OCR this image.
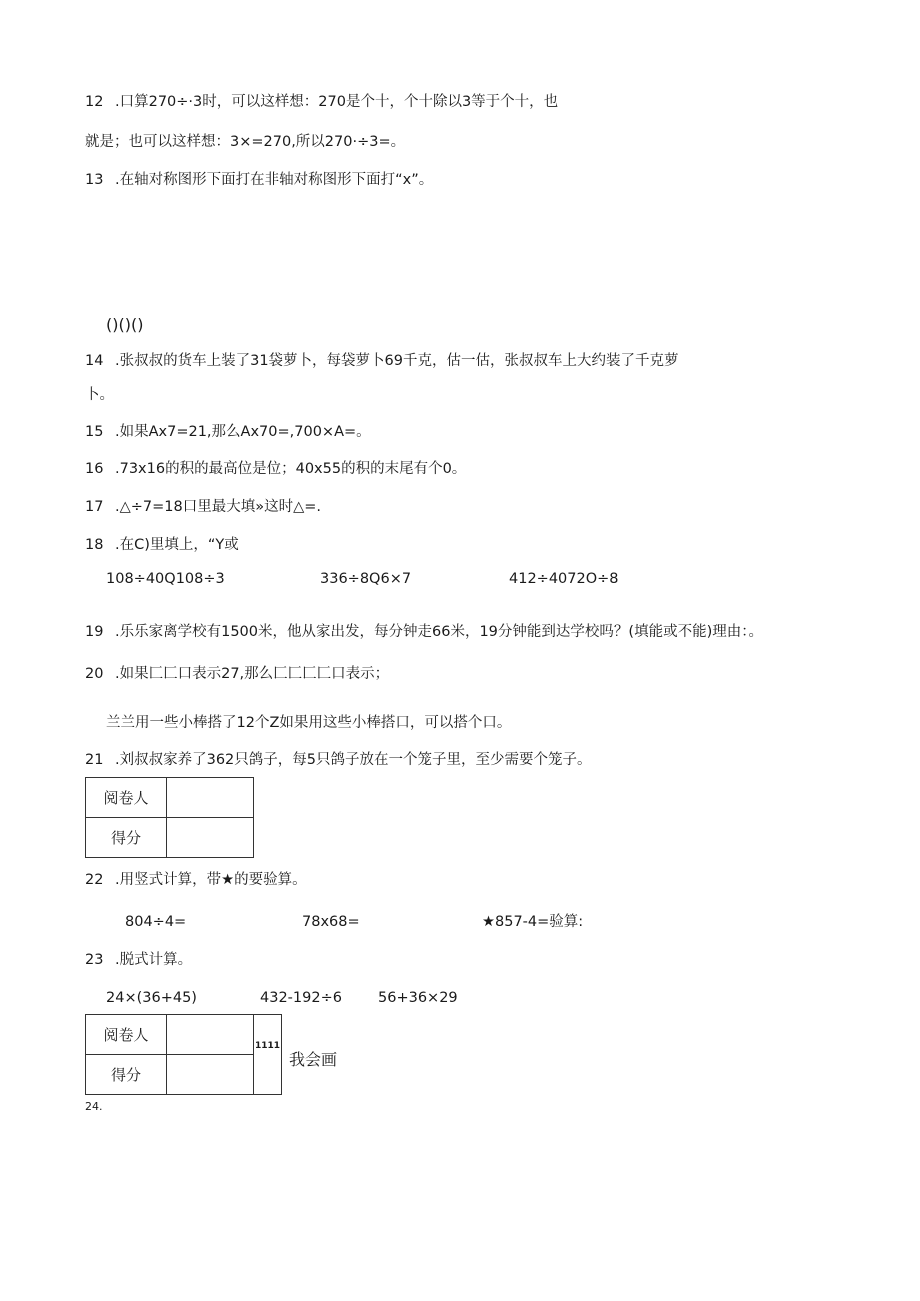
12 .口算270÷·3时，可以这样想：270是个十，个十除以3等于个十，也
就是；也可以这样想：3×=270,所以270·÷3=。
13 .在轴对称图形下面打在非轴对称图形下面打“x”。
()()()
14 .张叔叔的货车上装了31袋萝卜，每袋萝卜69千克，估一估，张叔叔车上大约装了千克萝
卜。
15 .如果Ax7=21,那么Ax70=,700×A=。
16 .73x16的积的最高位是位；40x55的积的末尾有个0。
17 .△÷7=18口里最大填»这时△=.
18 .在C)里填上，“Y或
108÷40Q108÷3	336÷8Q6×7	412÷4072O÷8
19 .乐乐家离学校有1500米，他从家出发，每分钟走66米，19分钟能到达学校吗？(填能或不能)理由：。
20 .如果匚匚口表示27,那么匚匚匚匚口表示；
兰兰用一些小棒搭了12个Z如果用这些小棒搭口，可以搭个口。
21 .刘叔叔家养了362只鸽子，每5只鸽子放在一个笼子里，至少需要个笼子。
阅卷人	
得分	
22 .用竖式计算，带★的要验算。
804÷4=	78x68=	★857-4=验算:
23 .脱式计算。
24×(36+45)	432-192÷6 56+36×29
阅卷人		1111
得分		
我会画
24.
